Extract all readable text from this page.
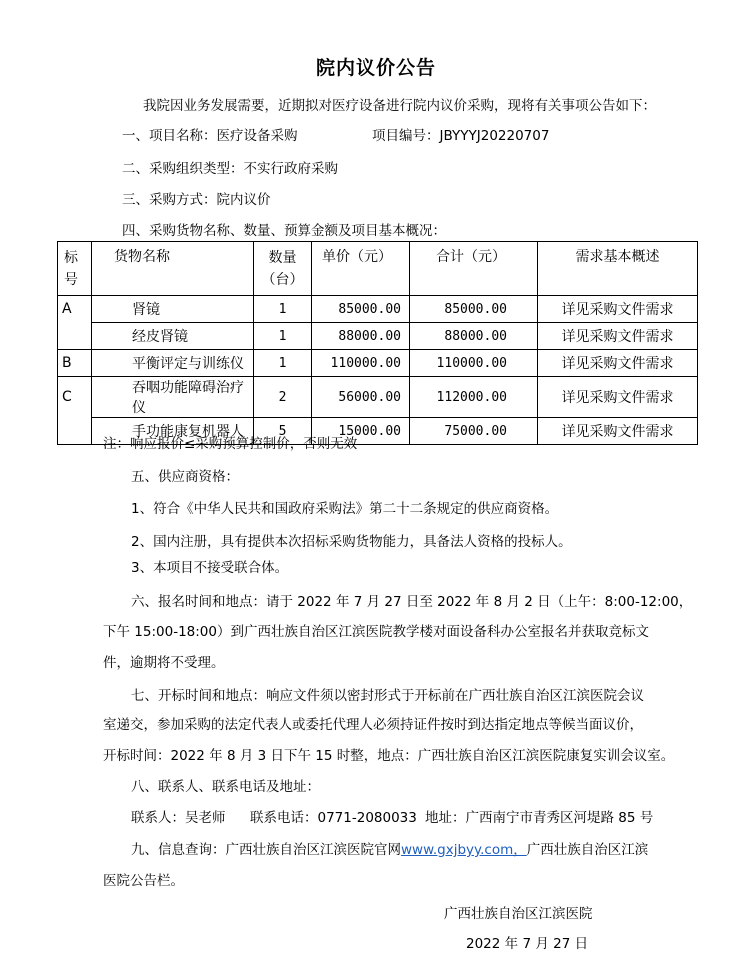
院内议价公告
我院因业务发展需要，近期拟对医疗设备进行院内议价采购，现将有关事项公告如下：
一、项目名称：医疗设备采购	项目编号：JBYYYJ20220707
二、采购组织类型：不实行政府采购
三、采购方式：院内议价
四、采购货物名称、数量、预算金额及项目基本概况：
标号	货物名称	数量（台）	单价（元）	合计（元）	需求基本概述
A	肾镜	1	85000.00	85000.00	详见采购文件需求
	经皮肾镜	1	88000.00	88000.00	详见采购文件需求
B	平衡评定与训练仪	1	110000.00	110000.00	详见采购文件需求
C	吞咽功能障碍治疗仪	2	56000.00	112000.00	详见采购文件需求
	手功能康复机器人	5	15000.00	75000.00	详见采购文件需求
注：响应报价≤采购预算控制价，否则无效
五、供应商资格：
1、符合《中华人民共和国政府采购法》第二十二条规定的供应商资格。
2、国内注册，具有提供本次招标采购货物能力，具备法人资格的投标人。
3、本项目不接受联合体。
六、报名时间和地点：请于 2022 年 7 月 27 日至 2022 年 8 月 2 日（上午：8:00-12:00，
下午 15:00-18:00）到广西壮族自治区江滨医院教学楼对面设备科办公室报名并获取竞标文
件，逾期将不受理。
七、开标时间和地点：响应文件须以密封形式于开标前在广西壮族自治区江滨医院会议
室递交，参加采购的法定代表人或委托代理人必须持证件按时到达指定地点等候当面议价，
开标时间：2022 年 8 月 3 日下午 15 时整，地点：广西壮族自治区江滨医院康复实训会议室。
八、联系人、联系电话及地址：
联系人：吴老师 联系电话：0771-2080033 地址：广西南宁市青秀区河堤路 85 号
九、信息查询：广西壮族自治区江滨医院官网www.gxjbyy.com，广西壮族自治区江滨
医院公告栏。
广西壮族自治区江滨医院
2022 年 7 月 27 日
